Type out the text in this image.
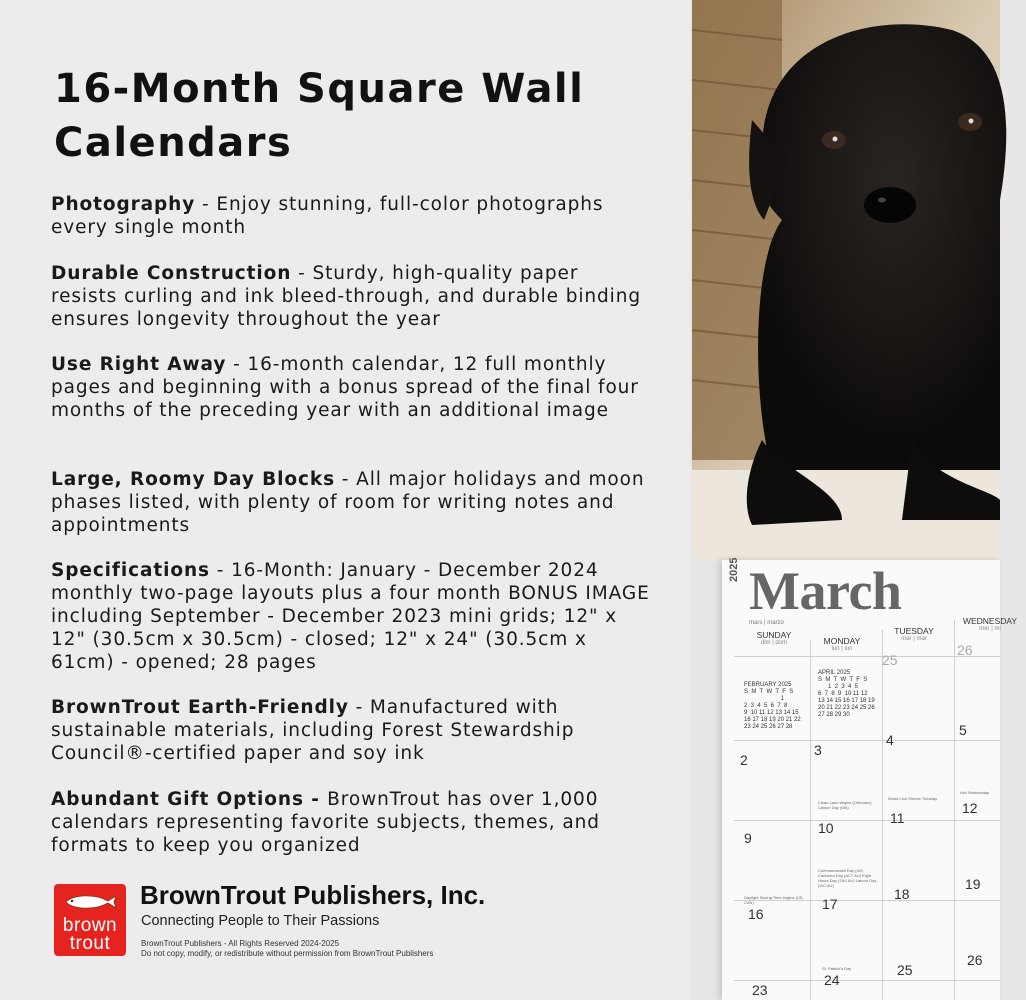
16-Month Square Wall Calendars

Photography - Enjoy stunning, full-color photographs every single month

Durable Construction - Sturdy, high-quality paper resists curling and ink bleed-through, and durable binding ensures longevity throughout the year

Use Right Away - 16-month calendar, 12 full monthly pages and beginning with a bonus spread of the final four months of the preceding year with an additional image

Large, Roomy Day Blocks - All major holidays and moon phases listed, with plenty of room for writing notes and appointments

Specifications - 16-Month: January - December 2024 monthly two-page layouts plus a four month BONUS IMAGE including September - December 2023 mini grids; 12" x 12" (30.5cm x 30.5cm) - closed; 12" x 24" (30.5cm x 61cm) - opened; 28 pages

BrownTrout Earth-Friendly - Manufactured with sustainable materials, including Forest Stewardship Council®-certified paper and soy ink

Abundant Gift Options - BrownTrout has over 1,000 calendars representing favorite subjects, themes, and formats to keep you organized

brown
trout
BrownTrout Publishers, Inc.
Connecting People to Their Passions
BrownTrout Publishers - All Rights Reserved 2024-2025
Do not copy, modify, or redistribute without permission from BrownTrout Publishers
2025 March
mars | marzo
SUNDAY
dim | dom	MONDAY
lun | lun
TUESDAY
mar | mar
WEDNESDAY
mer | mi
FEBRUARY 2025
S  M  T  W  T  F  S
1
2  3  4  5  6  7  8
9  10 11 12 13 14 15
16 17 18 19 20 21 22
23 24 25 26 27 28
APRIL 2025
S  M  T  W  T  F  S
1  2  3  4  5
6  7  8  9  10 11 12
13 14 15 16 17 18 19
20 21 22 23 24 25 26
27 28 29 30
25
26
2
3
4
5
9
10
11
12
16
17
18
19
23
24
25
26
Daylight Saving Time begins (US, CAN)
Clean Land begins (Orthodox) Labour Day (WA)
World Lion Shrove Tuesday
Ash Wednesday
Commonwealth Day (UK) Canberra Day (ACT AU) Eight Hours Day (TAS AU) Labour Day (VIC AU)
St. Patrick's Day
